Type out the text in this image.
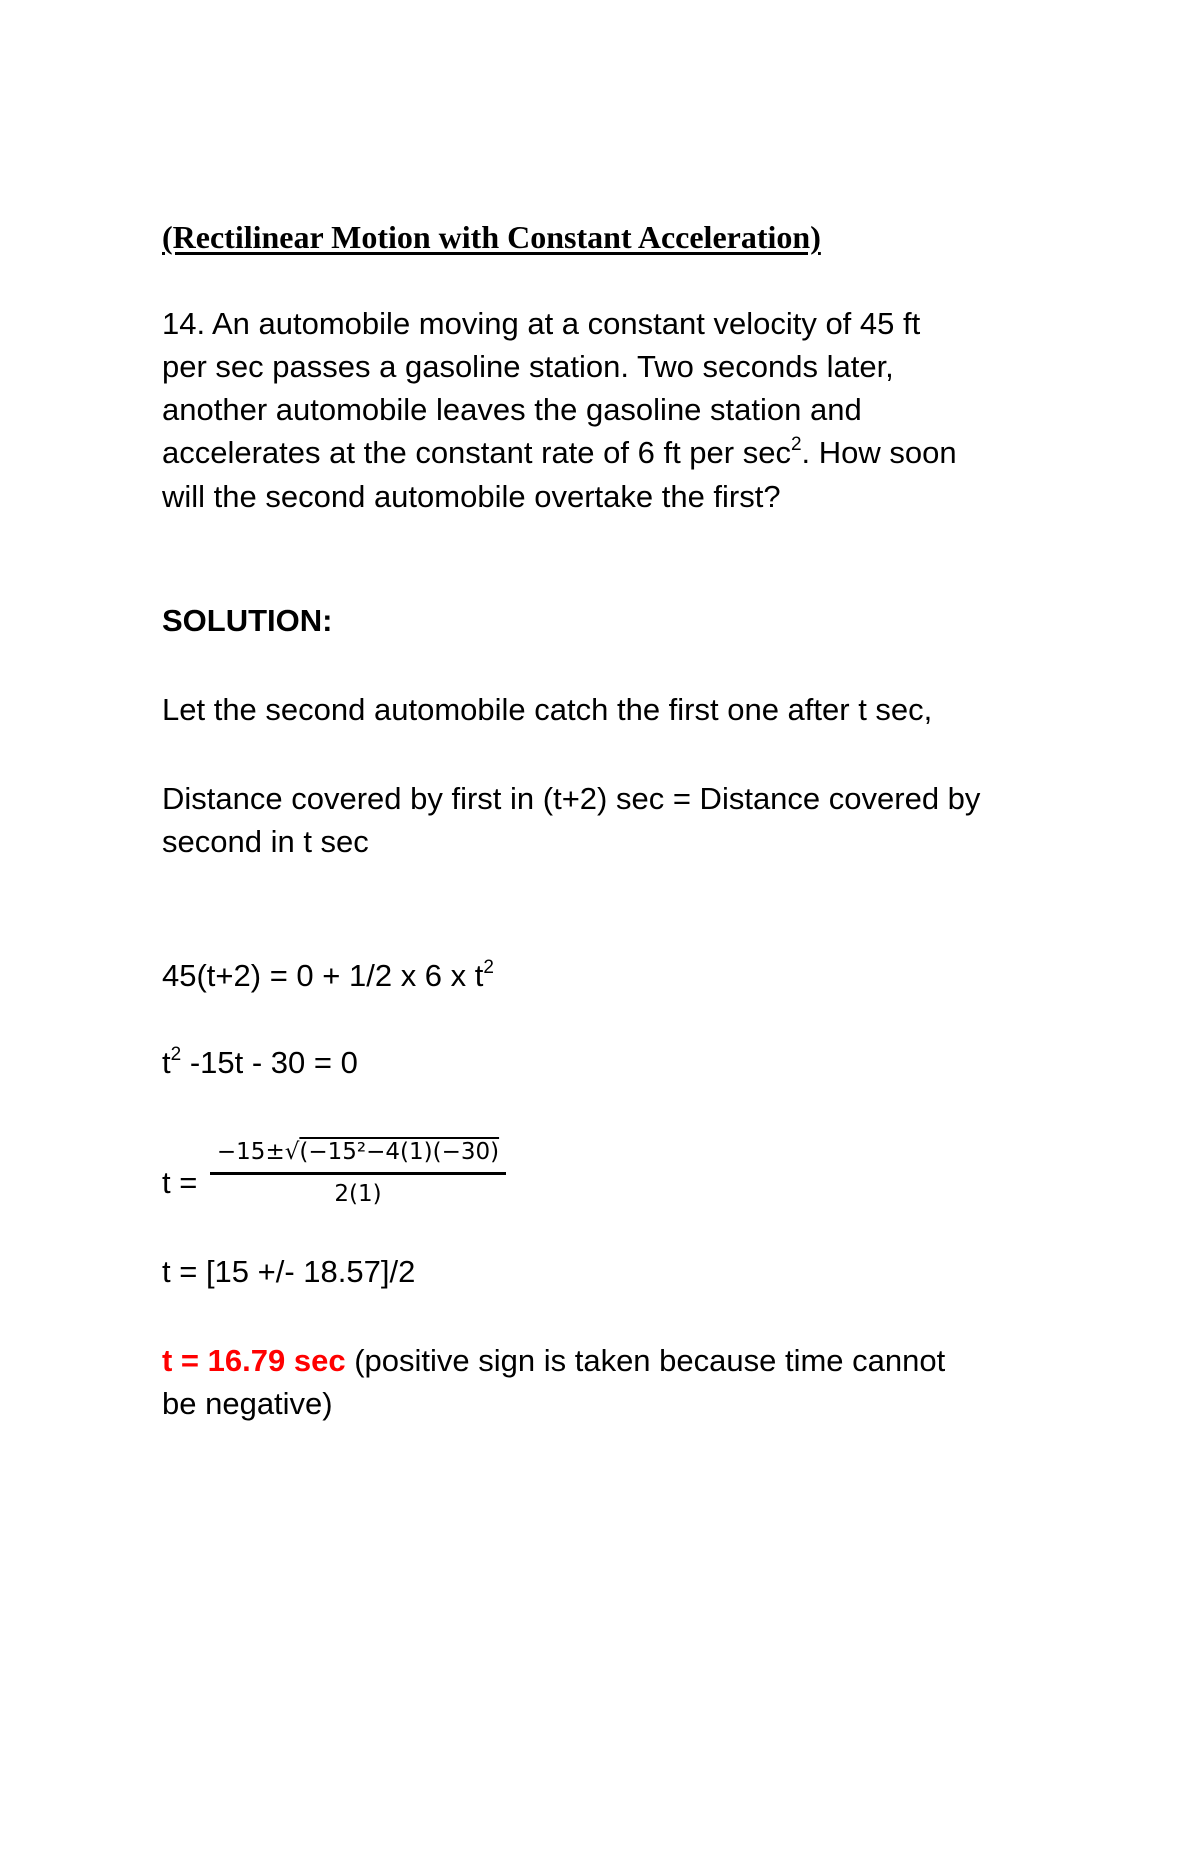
(Rectilinear Motion with Constant Acceleration)
14. An automobile moving at a constant velocity of 45 ft
per sec passes a gasoline station. Two seconds later,
another automobile leaves the gasoline station and
accelerates at the constant rate of 6 ft per $\sec^2$. How soon
will the second automobile overtake the first?
SOLUTION:
Let the second automobile catch the first one after t sec,
Distance covered by first in (t+2) sec = Distance covered by
second in t sec
45(t+2) = 0 + 1/2 x 6 x $t^2$
$t^2$ -15t - 30 = 0
t =
−15±√(−15²−4(1)(−30)
2(1)
t = [15 +/- 18.57]/2
t = 16.79 sec (positive sign is taken because time cannot
be negative)
